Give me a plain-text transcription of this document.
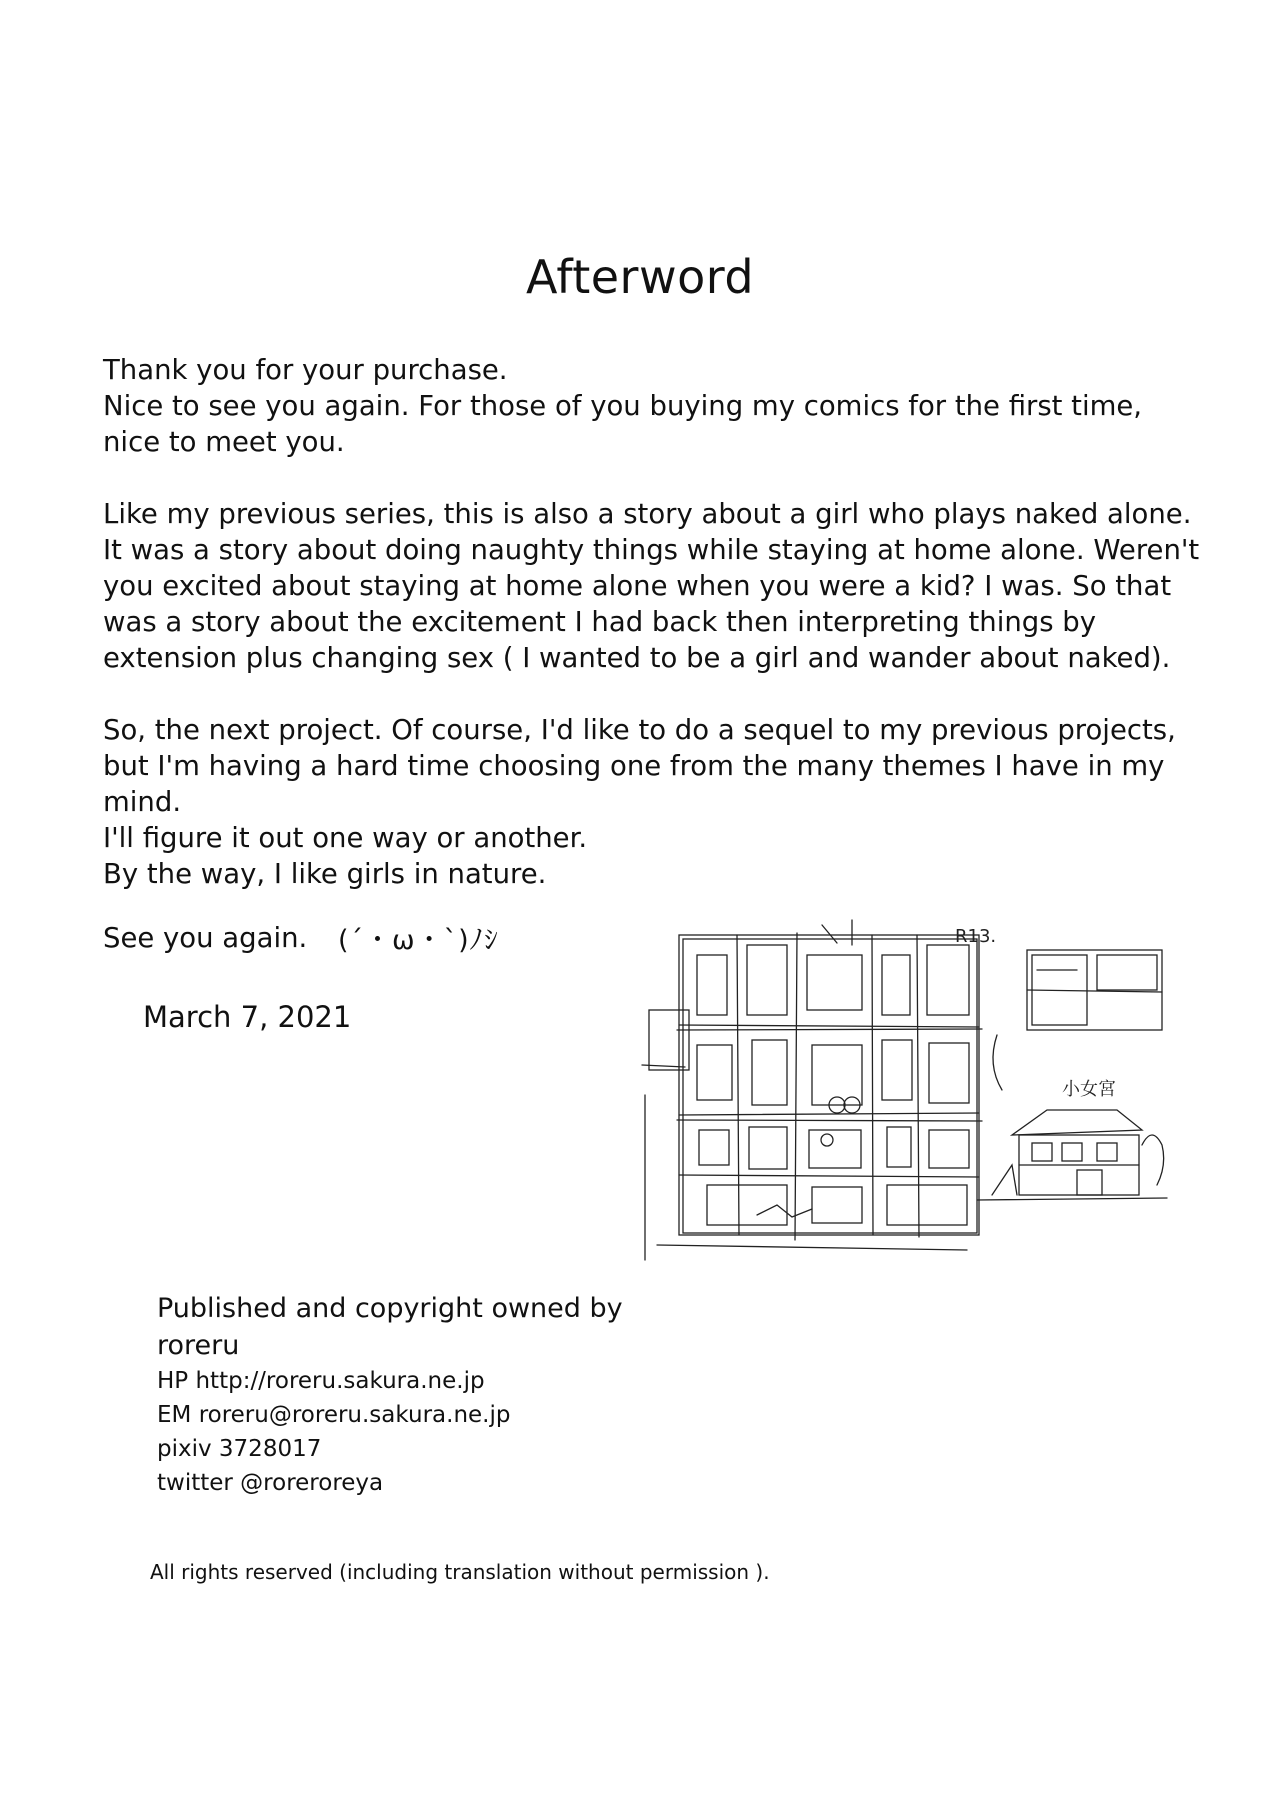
Afterword

Thank you for your purchase.
Nice to see you again. For those of you buying my comics for the first time,
nice to meet you.

Like my previous series, this is also a story about a girl who plays naked alone.
It was a story about doing naughty things while staying at home alone. Weren't
you excited about staying at home alone when you were a kid? I was. So that
was a story about the excitement I had back then interpreting things by
extension plus changing sex ( I wanted to be a girl and wander about naked).

So, the next project. Of course, I'd like to do a sequel to my previous projects,
but I'm having a hard time choosing one from the many themes I have in my
mind.
I'll figure it out one way or another.
By the way, I like girls in nature.

See you again. (´・ω・`)ﾉｼ
March 7, 2021
R13.
小女宮
Published and copyright owned by
roreru
HP http://roreru.sakura.ne.jp
EM roreru@roreru.sakura.ne.jp
pixiv 3728017
twitter @roreroreya
All rights reserved (including translation without permission ).
